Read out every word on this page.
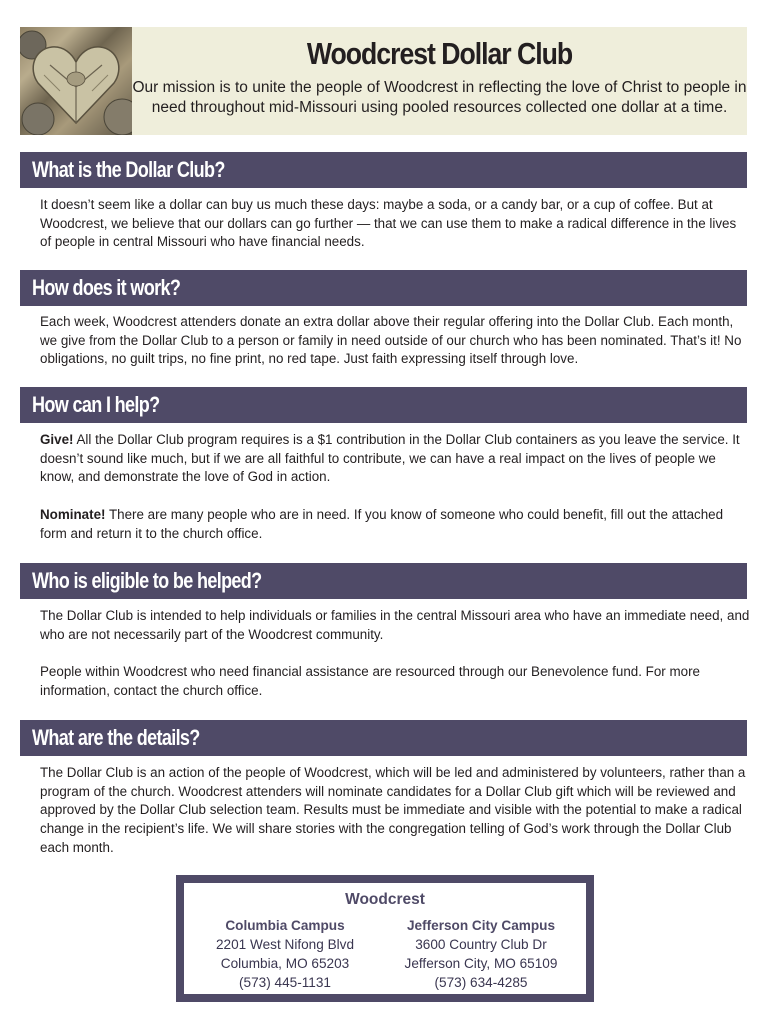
Woodcrest Dollar Club
Our mission is to unite the people of Woodcrest in reflecting the love of Christ to people in need throughout mid-Missouri using pooled resources collected one dollar at a time.
What is the Dollar Club?

It doesn’t seem like a dollar can buy us much these days: maybe a soda, or a candy bar, or a cup of coffee. But at Woodcrest, we believe that our dollars can go further — that we can use them to make a radical difference in the lives of people in central Missouri who have financial needs.

How does it work?

Each week, Woodcrest attenders donate an extra dollar above their regular offering into the Dollar Club. Each month, we give from the Dollar Club to a person or family in need outside of our church who has been nominated. That’s it! No obligations, no guilt trips, no fine print, no red tape. Just faith expressing itself through love.

How can I help?

Give! All the Dollar Club program requires is a $1 contribution in the Dollar Club containers as you leave the service. It doesn’t sound like much, but if we are all faithful to contribute, we can have a real impact on the lives of people we know, and demonstrate the love of God in action.

Nominate! There are many people who are in need. If you know of someone who could benefit, fill out the attached form and return it to the church office.

Who is eligible to be helped?

The Dollar Club is intended to help individuals or families in the central Missouri area who have an immediate need, and who are not necessarily part of the Woodcrest community.

People within Woodcrest who need financial assistance are resourced through our Benevolence fund. For more information, contact the church office.

What are the details?

The Dollar Club is an action of the people of Woodcrest, which will be led and administered by volunteers, rather than a program of the church. Woodcrest attenders will nominate candidates for a Dollar Club gift which will be reviewed and approved by the Dollar Club selection team. Results must be immediate and visible with the potential to make a radical change in the recipient’s life. We will share stories with the congregation telling of God’s work through the Dollar Club each month.

Woodcrest
Columbia Campus
2201 West Nifong Blvd
Columbia, MO 65203
(573) 445-1131
Jefferson City Campus
3600 Country Club Dr
Jefferson City, MO 65109
(573) 634-4285
